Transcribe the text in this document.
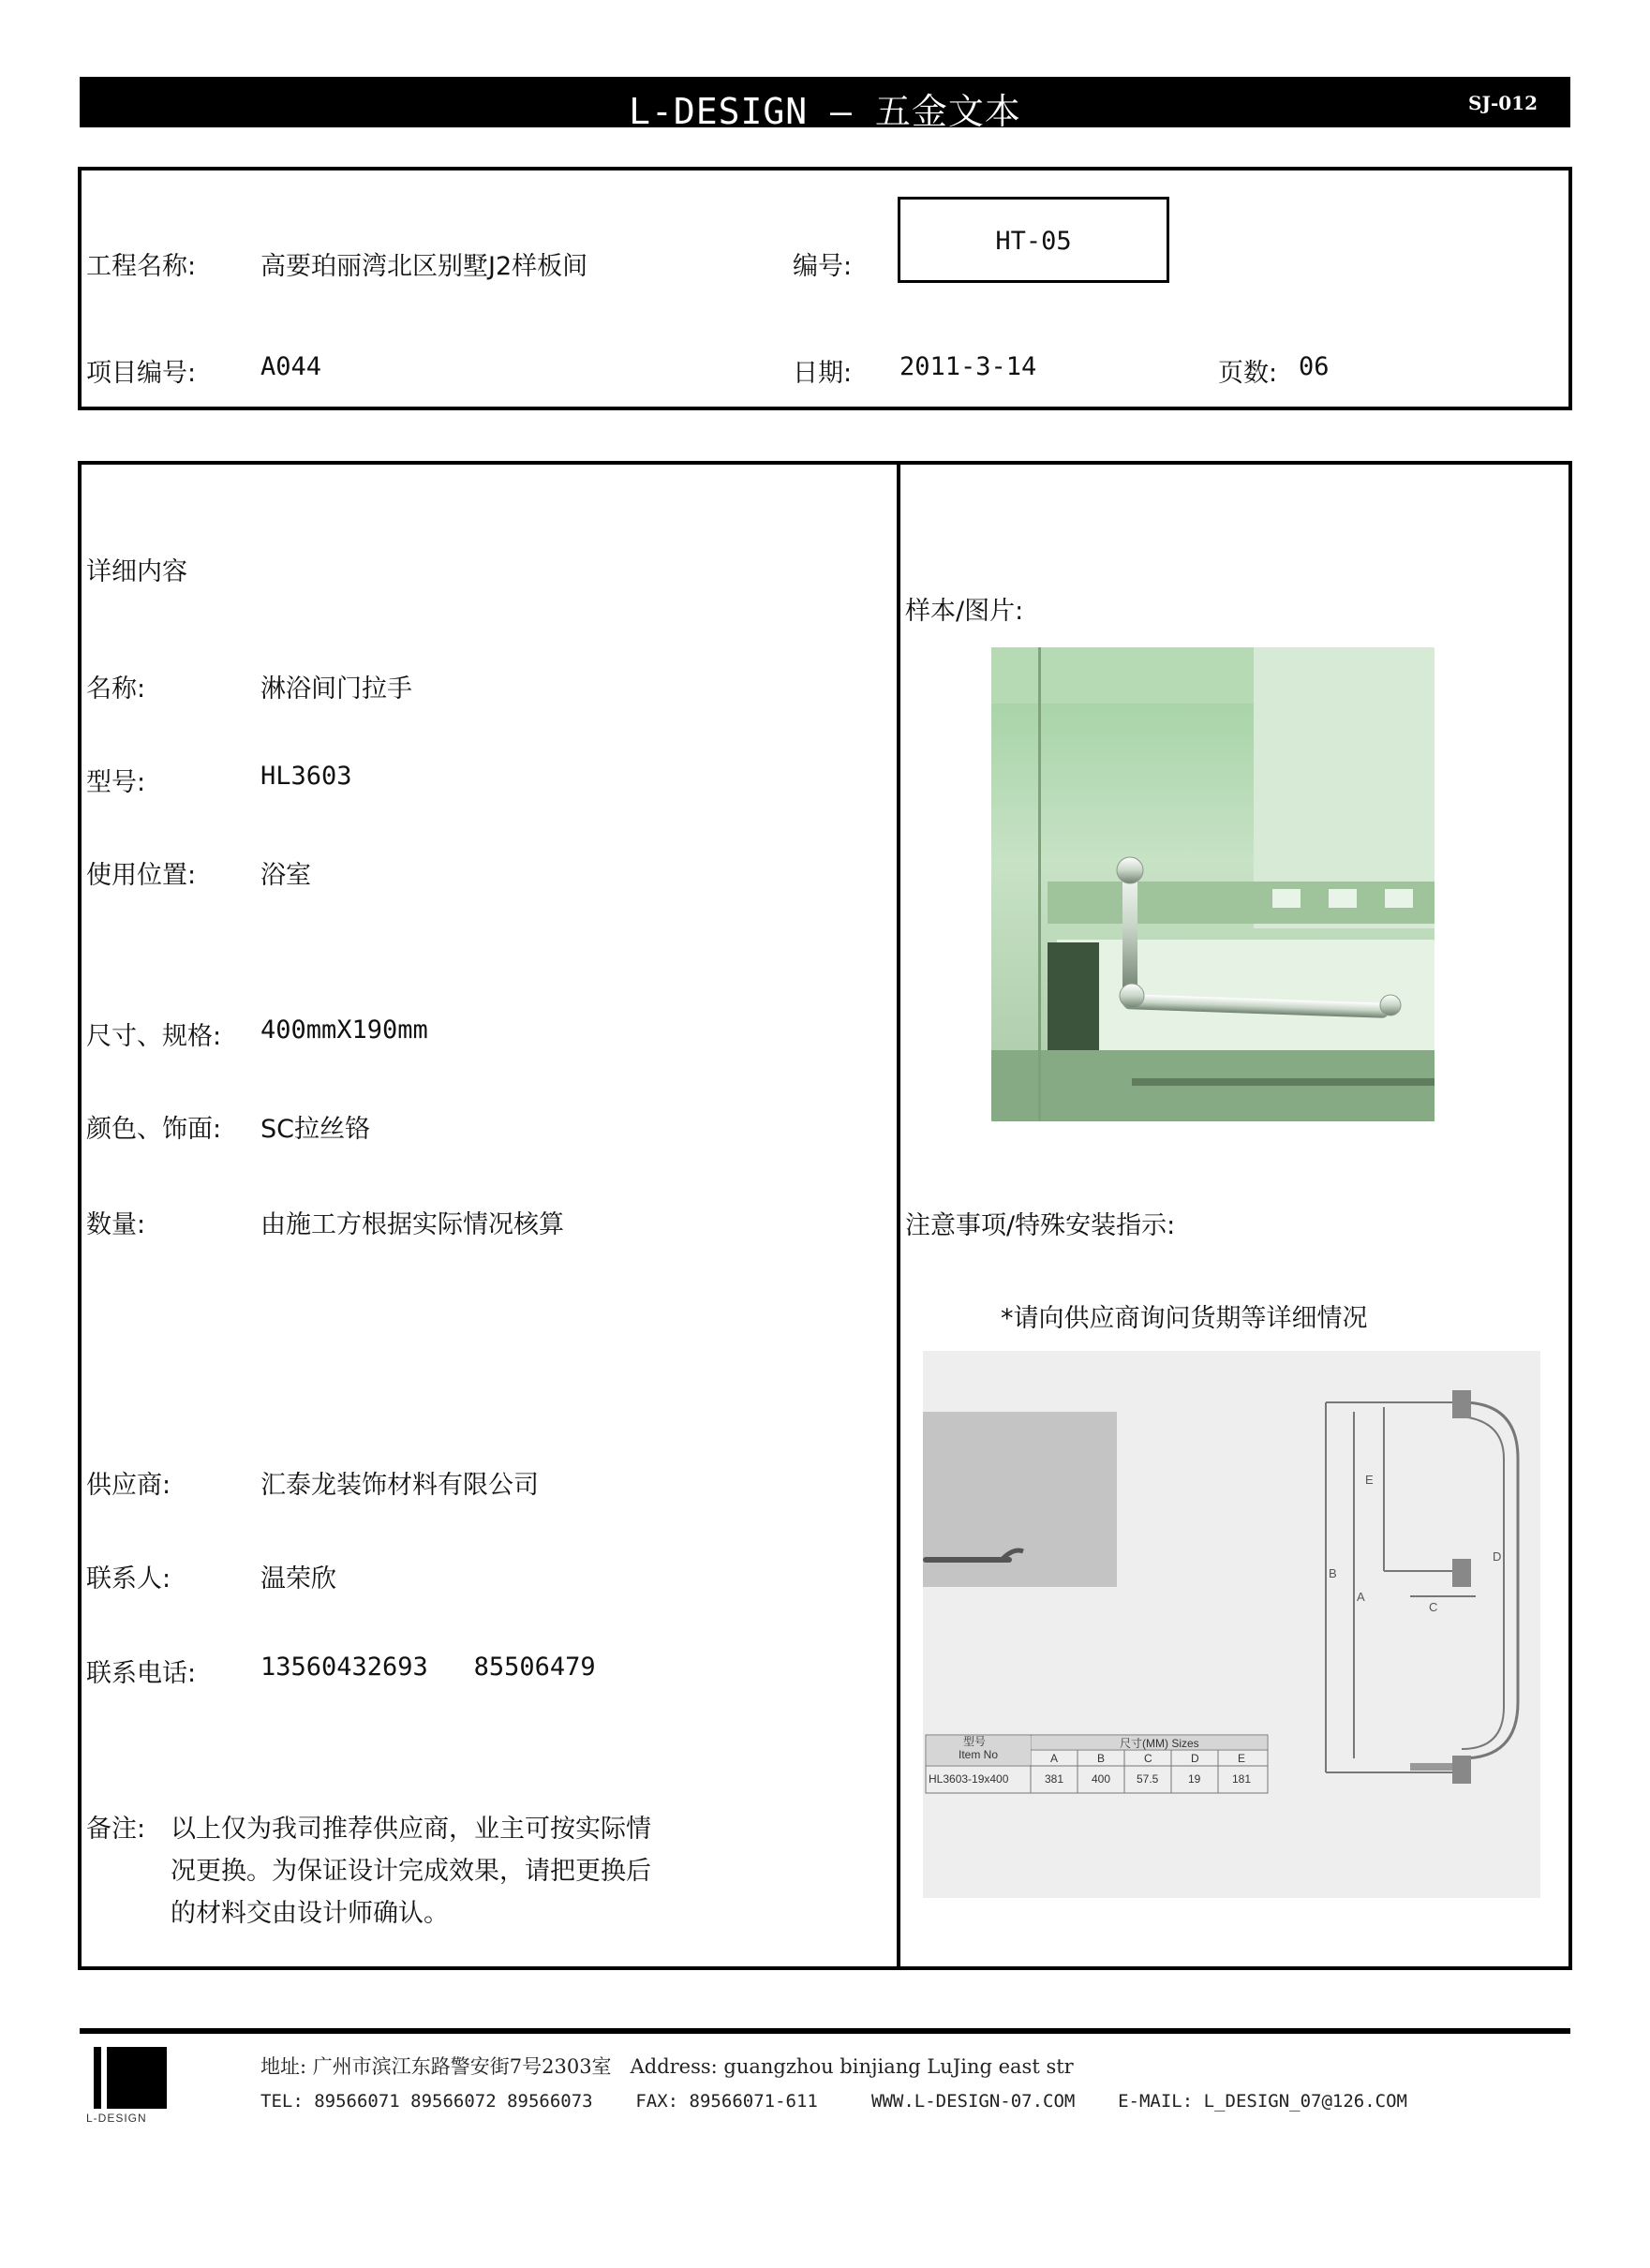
L-DESIGN — 五金文本	SJ-012
工程名称:	高要珀丽湾北区别墅J2样板间	编号:
HT-05
项目编号:	A044	日期: 2011-3-14	页数: 06
详细内容
名称:	淋浴间门拉手
型号:	HL3603
使用位置:	浴室
尺寸、规格: 400mmX190mm
颜色、饰面: SC拉丝铬
数量:	由施工方根据实际情况核算
供应商:	汇泰龙装饰材料有限公司
联系人:	温荣欣
联系电话:	13560432693   85506479
备注: 以上仅为我司推荐供应商，业主可按实际情
况更换。为保证设计完成效果，请把更换后
的材料交由设计师确认。
样本/图片:
注意事项/特殊安装指示:
*请向供应商询问货期等详细情况
型号
Item No
尺寸(MM) Sizes
A	B	C	D	E
HL3603-19x400	381 400 57.5	19	181
E
D
B
A
C
L-DESIGN
地址: 广州市滨江东路警安街7号2303室   Address: guangzhou binjiang LuJing east str
TEL: 89566071 89566072 89566073    FAX: 89566071-611     WWW.L-DESIGN-07.COM    E-MAIL: L_DESIGN_07@126.COM
